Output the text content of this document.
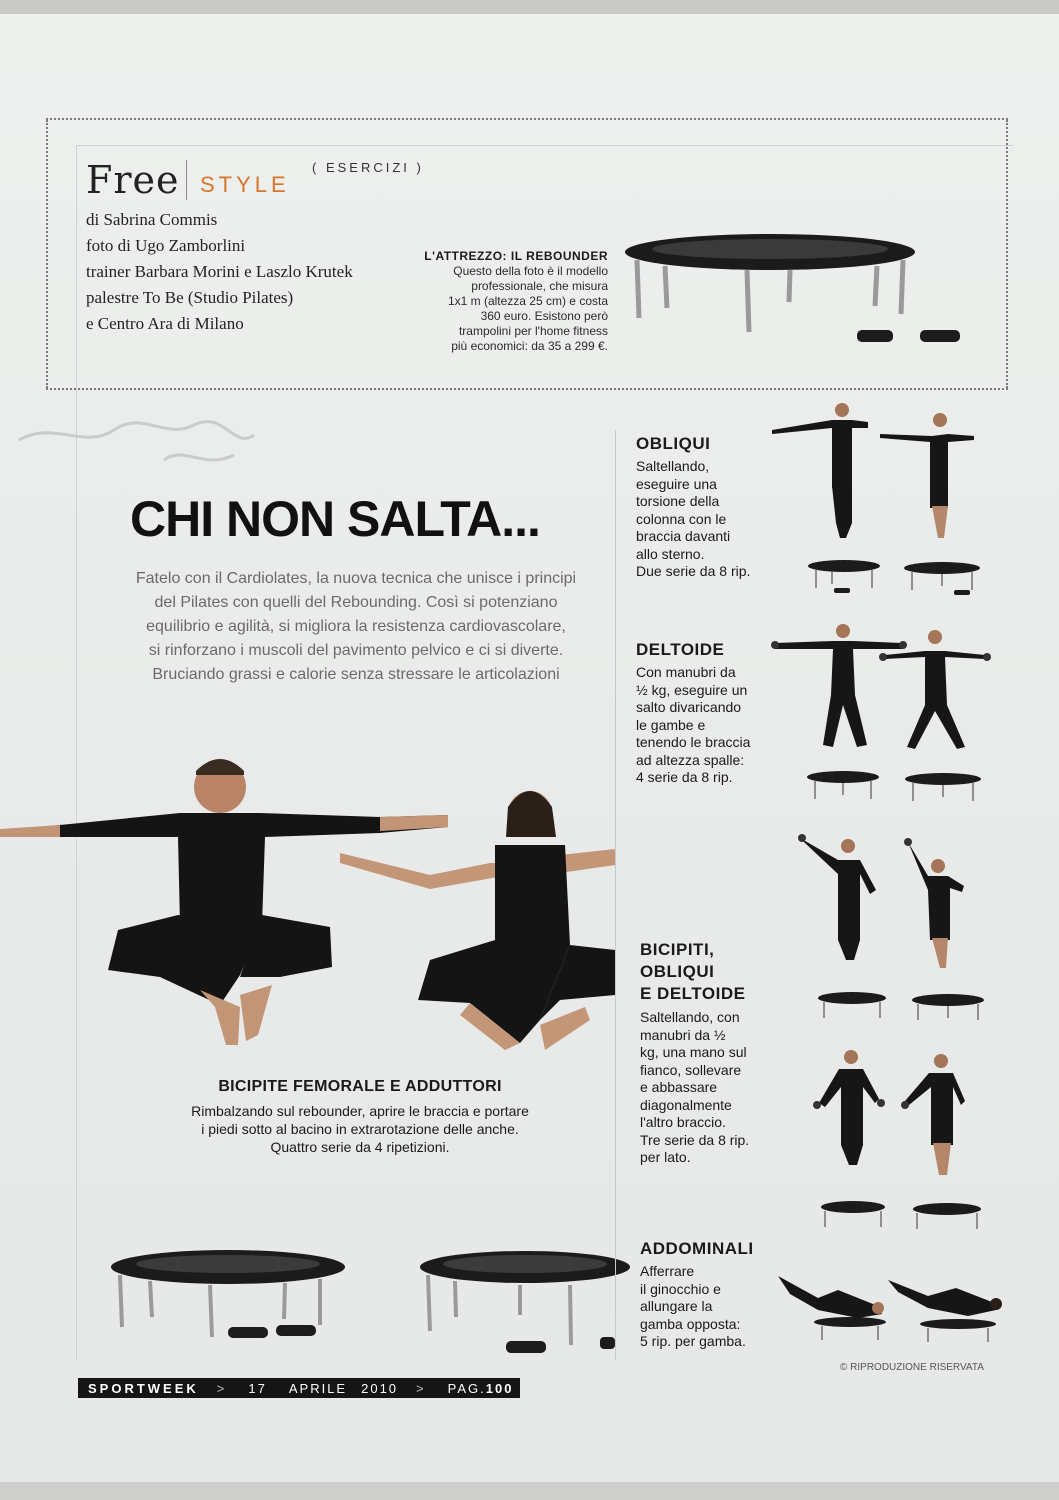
Free STYLE
( ESERCIZI )
di Sabrina Commis
foto di Ugo Zamborlini
trainer Barbara Morini e Laszlo Krutek
palestre To Be (Studio Pilates)
e Centro Ara di Milano
L'ATTREZZO: IL REBOUNDER
Questo della foto è il modello
professionale, che misura
1x1 m (altezza 25 cm) e costa
360 euro. Esistono però
trampolini per l'home fitness
più economici: da 35 a 299 €.
CHI NON SALTA...
Fatelo con il Cardiolates, la nuova tecnica che unisce i principi
del Pilates con quelli del Rebounding. Così si potenziano
equilibrio e agilità, si migliora la resistenza cardiovascolare,
si rinforzano i muscoli del pavimento pelvico e ci si diverte.
Bruciando grassi e calorie senza stressare le articolazioni
BICIPITE FEMORALE E ADDUTTORI
Rimbalzando sul rebounder, aprire le braccia e portare
i piedi sotto al bacino in extrarotazione delle anche.
Quattro serie da 4 ripetizioni.
OBLIQUI
Saltellando,
eseguire una
torsione della
colonna con le
braccia davanti
allo sterno.
Due serie da 8 rip.
DELTOIDE
Con manubri da
½ kg, eseguire un
salto divaricando
le gambe e
tenendo le braccia
ad altezza spalle:
4 serie da 8 rip.
BICIPITI,
OBLIQUI
E DELTOIDE
Saltellando, con
manubri da ½
kg, una mano sul
fianco, sollevare
e abbassare
diagonalmente
l'altro braccio.
Tre serie da 8 rip.
per lato.
ADDOMINALI
Afferrare
il ginocchio e
allungare la
gamba opposta:
5 rip. per gamba.
© RIPRODUZIONE RISERVATA
SPORTWEEK > 17 APRILE 2010 > PAG. 100
